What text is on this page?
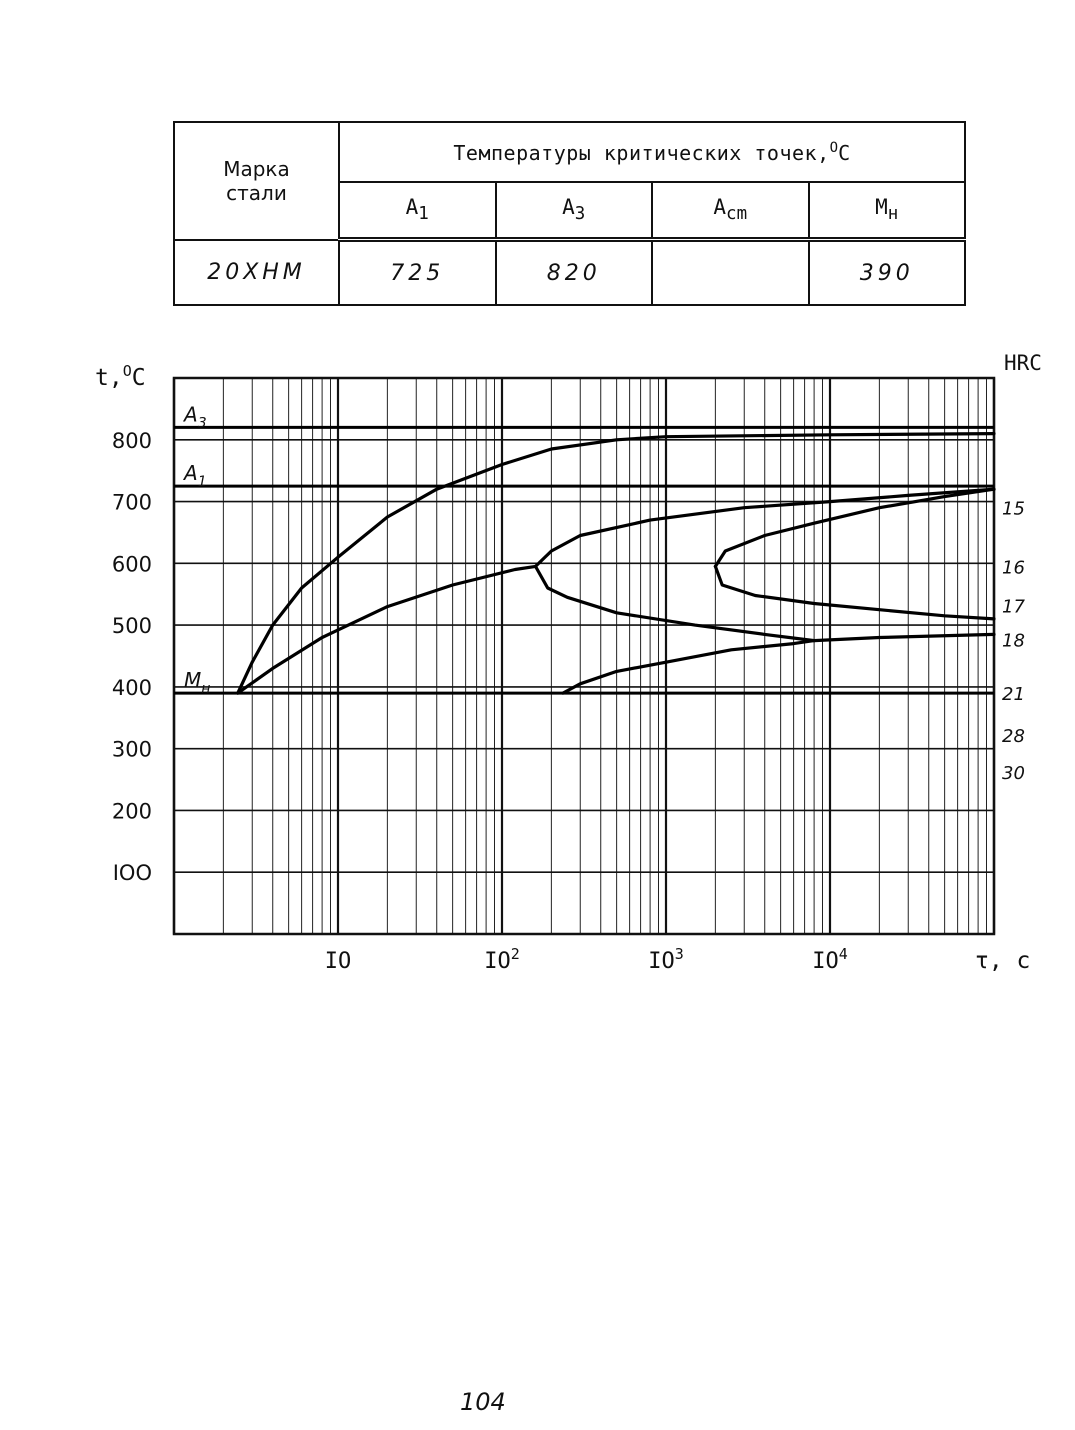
Марка
стали	Температуры критических точек,$^O$C			
	$A_1$	$A_3$	$A_{cm}$	$M_н$
20ХНМ	725	820		390
$A_3$
$A_1$
$M_н$
IOO
200
300
400
500
600
700
800
IO	$IO^2$	$IO^3$	$IO^4$
t,$^O$C
τ, с
HRC
15
16
17
18
21
28
30
104
